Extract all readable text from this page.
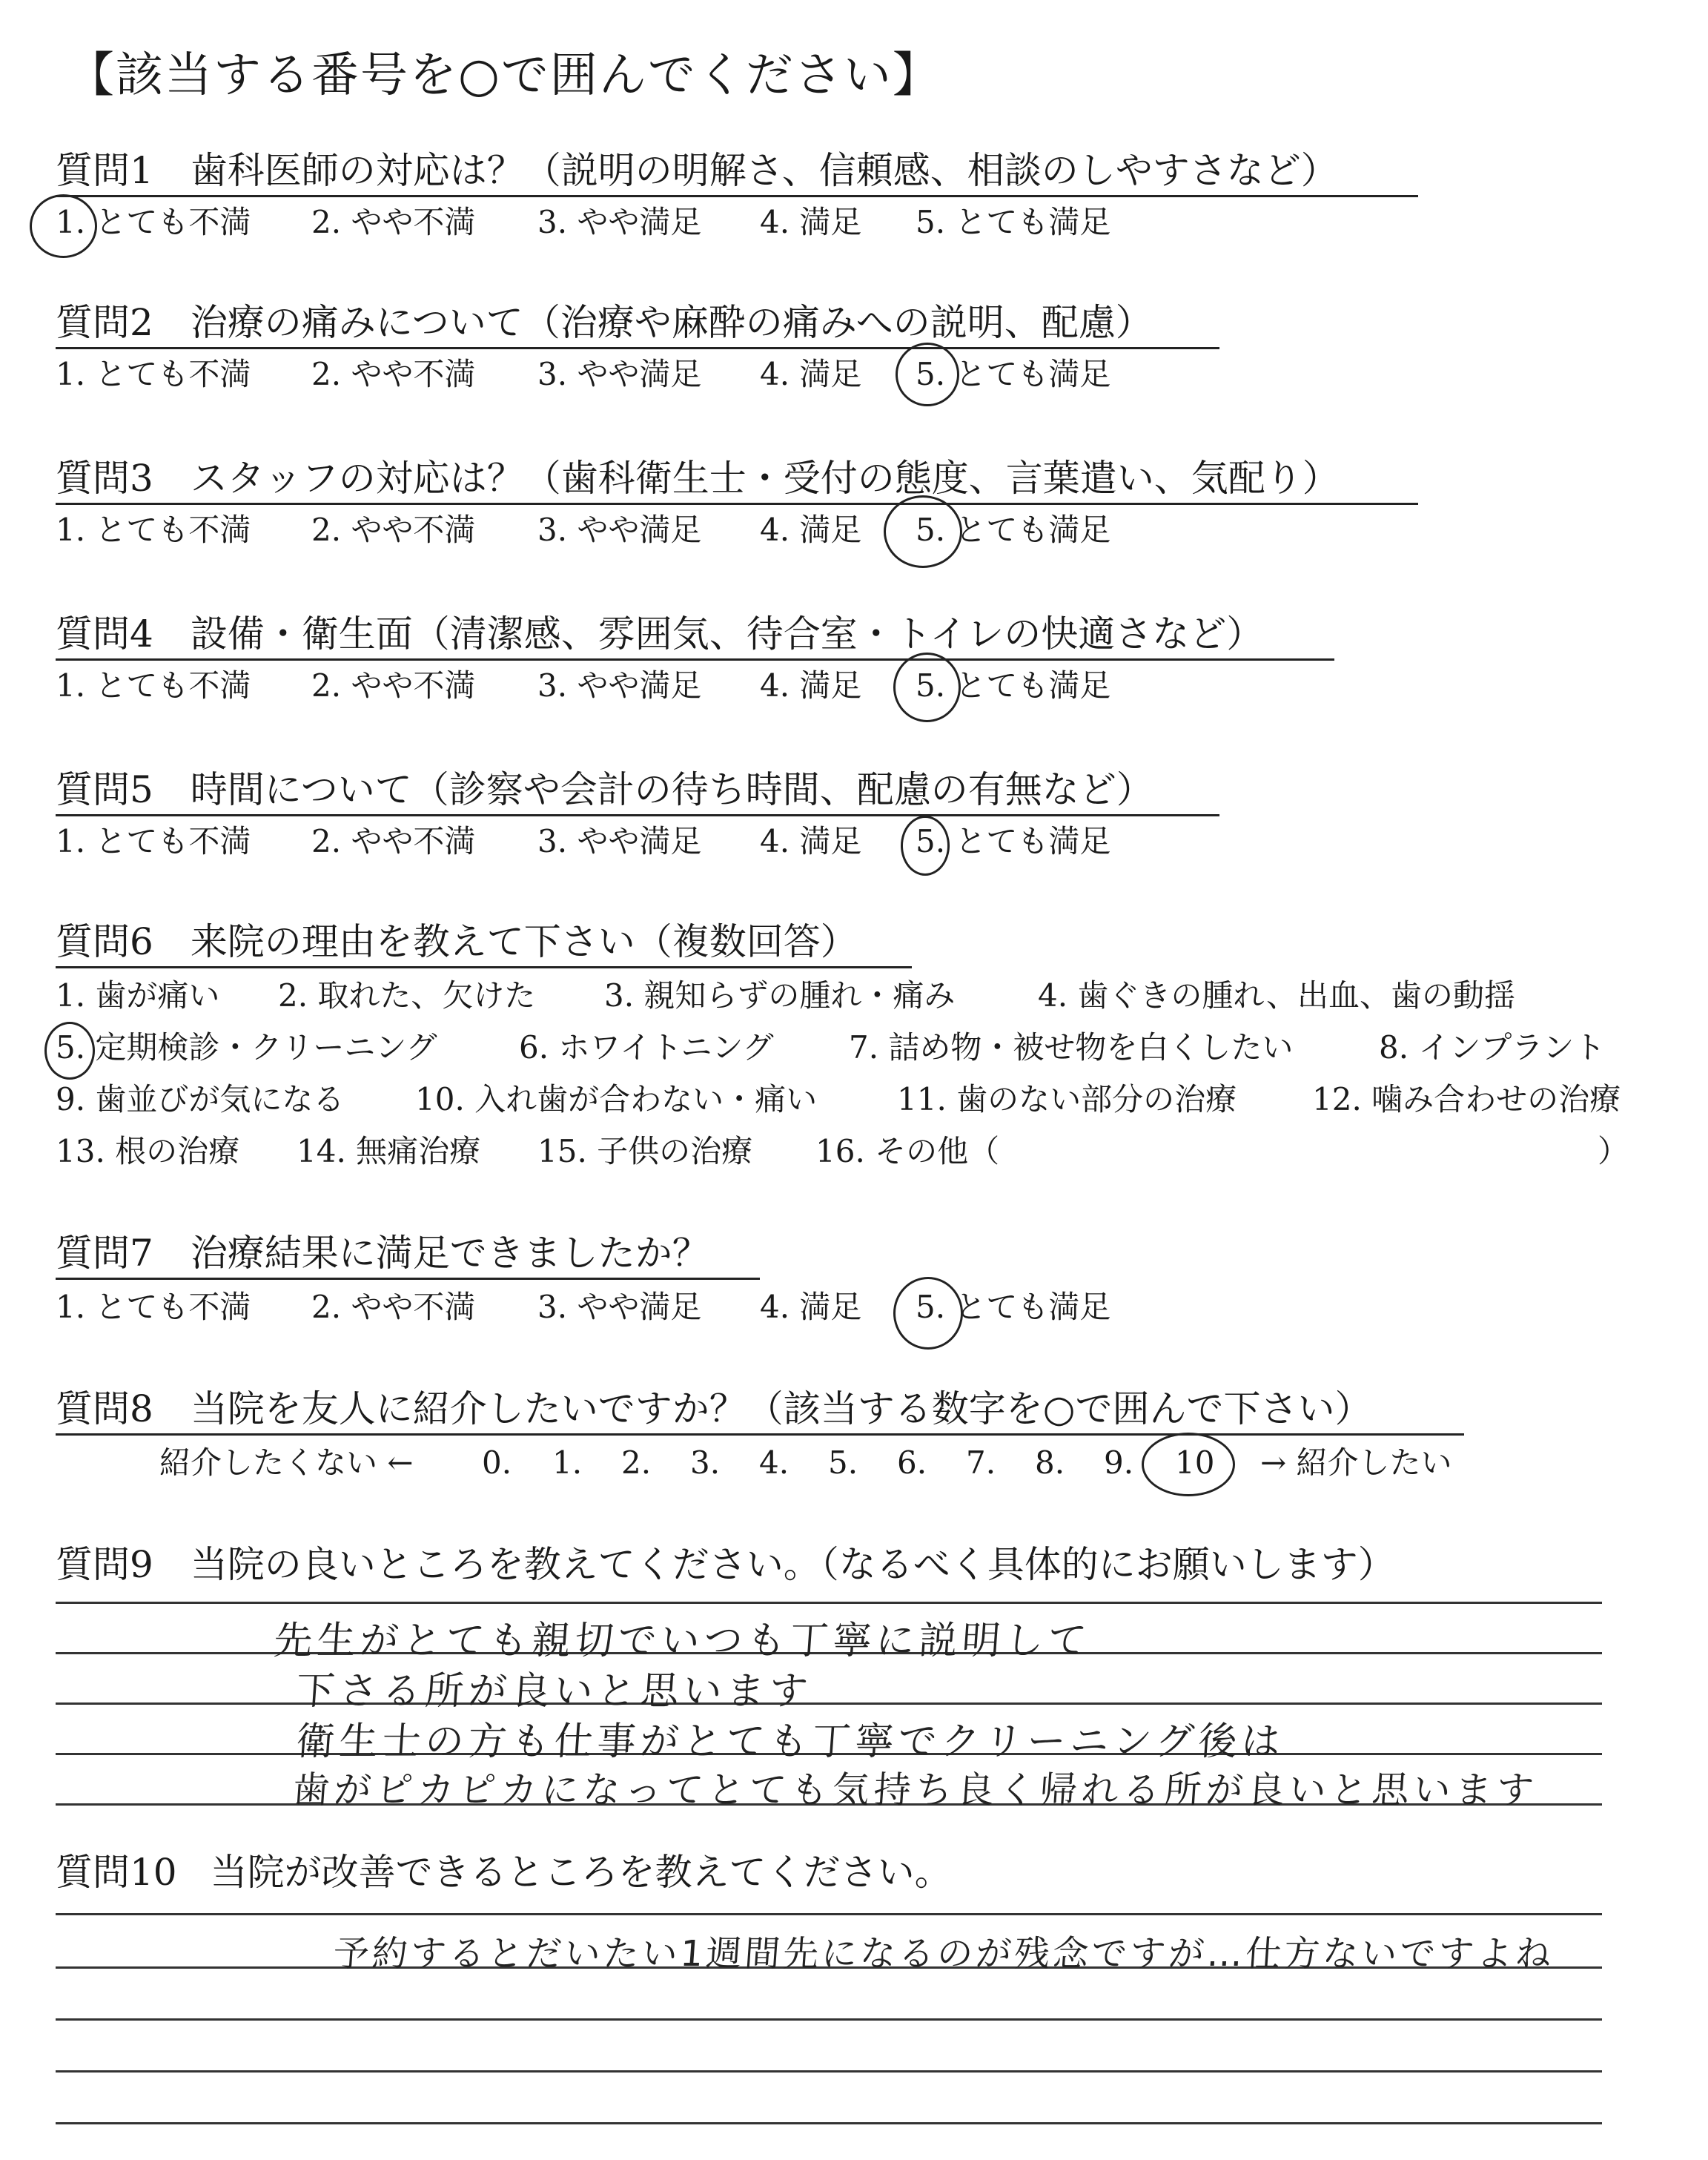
【該当する番号を○で囲んでください】
質問1 歯科医師の対応は？（説明の明解さ、信頼感、相談のしやすさなど）
1. とても不満 2. やや不満 3. やや満足 4. 満足 5. とても満足
質問2 治療の痛みについて（治療や麻酔の痛みへの説明、配慮）
1. とても不満 2. やや不満 3. やや満足 4. 満足 5. とても満足
質問3 スタッフの対応は？（歯科衛生士・受付の態度、言葉遣い、気配り）
1. とても不満 2. やや不満 3. やや満足 4. 満足 5. とても満足
質問4 設備・衛生面（清潔感、雰囲気、待合室・トイレの快適さなど）
1. とても不満 2. やや不満 3. やや満足 4. 満足 5. とても満足
質問5 時間について（診察や会計の待ち時間、配慮の有無など）
1. とても不満 2. やや不満 3. やや満足 4. 満足 5. とても満足
質問6 来院の理由を教えて下さい（複数回答）
1. 歯が痛い 2. 取れた、欠けた 3. 親知らずの腫れ・痛み	4. 歯ぐきの腫れ、出血、歯の動揺
5. 定期検診・クリーニング	6. ホワイトニング 7. 詰め物・被せ物を白くしたい	8. インプラント
9. 歯並びが気になる 10. 入れ歯が合わない・痛い	11. 歯のない部分の治療 12. 噛み合わせの治療
13. 根の治療 14. 無痛治療 15. 子供の治療 16. その他（	）
質問7 治療結果に満足できましたか？
1. とても不満 2. やや不満 3. やや満足 4. 満足 5. とても満足
質問8 当院を友人に紹介したいですか？（該当する数字を○で囲んで下さい）
紹介したくない ← 0. 1. 2. 3. 4. 5. 6. 7. 8. 9. 10 → 紹介したい
質問9 当院の良いところを教えてください。（なるべく具体的にお願いします）
先生がとても親切でいつも丁寧に説明して
下さる所が良いと思います
衛生士の方も仕事がとても丁寧でクリーニング後は
歯がピカピカになってとても気持ち良く帰れる所が良いと思います
質問10 当院が改善できるところを教えてください。
予約するとだいたい1週間先になるのが残念ですが…仕方ないですよね
